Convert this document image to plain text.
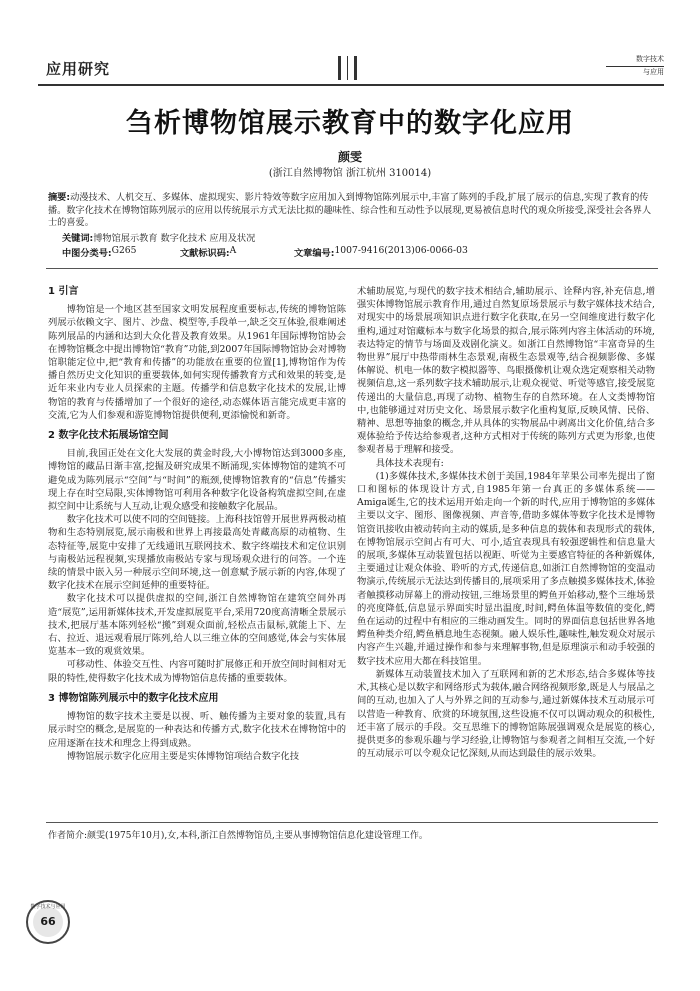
应用研究
数字技术
与应用
刍析博物馆展示教育中的数字化应用
颜雯
(浙江自然博物馆 浙江杭州 310014)
摘要:动漫技术、人机交互、多媒体、虚拟现实、影片特效等数字应用加入到博物馆陈列展示中,丰富了陈列的手段,扩展了展示的信息,实现了教育的传播。数字化技术在博物馆陈列展示的应用以传统展示方式无法比拟的趣味性、综合性和互动性予以展现,更易被信息时代的观众所接受,深受社会各界人士的喜爱。
关键词:博物馆展示教育 数字化技术 应用及状况
中图分类号: G265	文献标识码: A	文章编号: 1007-9416(2013)06-0066-03
1 引言

博物馆是一个地区甚至国家文明发展程度重要标志,传统的博物馆陈列展示依赖文字、图片、沙盘、模型等,手段单一,缺乏交互体验,很难阐述陈列展品的内涵和达到大众化普及教育效果。从1961年国际博物馆协会在博物馆概念中提出博物馆“教育”功能,到2007年国际博物馆协会对博物馆职能定位中,把“教育和传播”的功能放在重要的位置[1],博物馆作为传播自然历史文化知识的重要载体,如何实现传播教育方式和效果的转变,是近年来业内专业人员探索的主题。传播学和信息数字化技术的发展,让博物馆的教育与传播增加了一个很好的途径,动态媒体语言能完成更丰富的交流,它为人们参观和游览博物馆提供便利,更添愉悦和新奇。

2 数字化技术拓展场馆空间

目前,我国正处在文化大发展的黄金时段,大小博物馆达到3000多座,博物馆的藏品日渐丰富,挖掘及研究成果不断涌现,实体博物馆的建筑不可避免成为陈列展示“空间”与“时间”的瓶颈,使博物馆教育的“信息”传播实现上存在时空局限,实体博物馆可利用各种数字化设备构筑虚拟空间,在虚拟空间中让系统与人互动,让观众感受和接触数字化展品。

数字化技术可以使不同的空间链接。上海科技馆曾开展世界两极动植物和生态特别展览,展示南极和世界上再接最高处青藏高原的动植物、生态特征等,展览中安排了无线通讯互联网技术、数字终端技术和定位识别与南极站远程视频,实现播放南极站专家与现场观众进行的问答。一个连续的情景中嵌入另一种展示空间环境,这一创意赋予展示新的内容,体现了数字化技术在展示空间延伸的重要特征。

数字化技术可以提供虚拟的空间,浙江自然博物馆在建筑空间外再造“展览”,运用新媒体技术,开发虚拟展览平台,采用720度高清晰全景展示技术,把展厅基本陈列轻松“搬”到观众面前,轻松点击鼠标,就能上下、左右、拉近、退远观看展厅陈列,给人以三维立体的空间感觉,体会与实体展览基本一致的观赏效果。

可移动性、体验交互性、内容可随时扩展修正和开放空间时间相对无限的特性,使得数字化技术成为博物馆信息传播的重要载体。

3 博物馆陈列展示中的数字化技术应用

博物馆的数字技术主要是以视、听、触传播为主要对象的装置,具有展示时空的概念,是展览的一种表达和传播方式,数字化技术在博物馆中的应用逐渐在技术和理念上得到成熟。

博物馆展示数字化应用主要是实体博物馆项结合数字化技

术辅助展览,与现代的数字技术相结合,辅助展示、诠释内容,补充信息,增强实体博物馆展示教育作用,通过自然复原场景展示与数字媒体技术结合,对现实中的场景展项知识点进行数字化获取,在另一空间维度进行数字化重构,通过对馆藏标本与数字化场景的拟合,展示陈列内容主体活动的环境,表达特定的情节与场面及戏剧化演义。如浙江自然博物馆“丰富奇异的生物世界”展厅中热带雨林生态景观,南极生态景观等,结合视频影像、多媒体解说、机电一体的数字模拟器等、鸟眼摄像机让观众选定观察相关动物视频信息,这一系列数字技术辅助展示,让观众视觉、听觉等感官,接受展览传递出的大量信息,再现了动物、植物生存的自然环境。在人文类博物馆中,也能够通过对历史文化、场景展示数字化重构复原,反映风情、民俗、精神、思想等抽象的概念,并从具体的实物展品中剥离出文化价值,结合多观体验给予传达给参观者,这种方式相对于传统的陈列方式更为形象,也使参观者易于理解和接受。

具体技术表现有:

(1)多媒体技术,多媒体技术创于美国,1984年苹果公司率先提出了窗口和图标的体现设计方式,自1985年第一台真正的多媒体系统——Amiga诞生,它的技术运用开始走向一个新的时代,应用于博物馆的多媒体主要以文字、图形、图像视频、声音等,借助多媒体等数字化技术是博物馆资讯接收由被动转向主动的媒质,是多种信息的载体和表现形式的载体,在博物馆展示空间占有可大、可小,适宜表现具有较强逻辑性和信息量大的展项,多媒体互动装置包括以视距、听觉为主要感官特征的各种新媒体,主要通过让观众体验、聆听的方式,传递信息,如浙江自然博物馆的变温动物演示,传统展示无法达到传播目的,展项采用了多点触摸多媒体技术,体验者触摸移动屏幕上的滑动按钮,三维场景里的鳄鱼开始移动,整个三维场景的亮度降低,信息显示界面实时显出温度,时间,鳄鱼体温等数值的变化,鳄鱼在运动的过程中有相应的三维动画发生。同时的界面信息包括世界各地鳄鱼种类介绍,鳄鱼栖息地生态视频。融人娱乐性,趣味性,触发观众对展示内容产生兴趣,并通过操作和参与来理解事物,但是原理演示和动手较强的数字技术应用大都在科技馆里。

新媒体互动装置技术加入了互联网和新的艺术形态,结合多媒体等技术,其核心是以数字和网络形式为载体,融合网络视频形象,既是人与展品之间的互动,也加入了人与外界之间的互动参与,通过新媒体技术互动展示可以营造一种教育、欣赏的环境氛围,这些设施不仅可以调动观众的积极性,还丰富了展示的手段。交互思维下的博物馆陈展强调观众是展览的核心,提供更多的参观乐趣与学习经验,让博物馆与参观者之间相互交流,一个好的互动展示可以令观众记忆深刻,从而达到最佳的展示效果。

作者简介:颜雯(1975年10月),女,本科,浙江自然博物馆员,主要从事博物馆信息化建设管理工作。
数字技术与应用
66
